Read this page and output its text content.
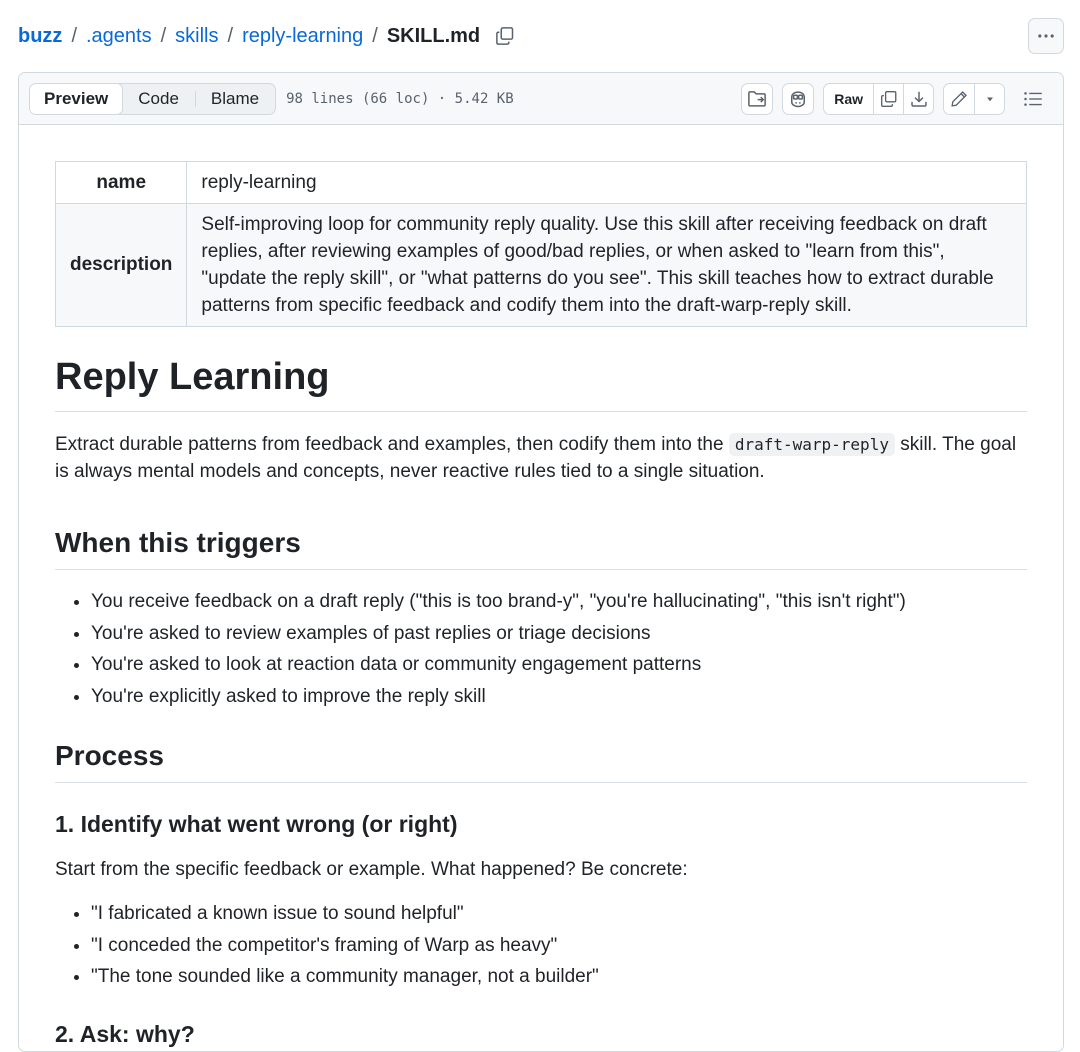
buzz / .agents / skills / reply-learning / SKILL.md
Preview	Code	Blame	98 lines (66 loc) · 5.42 KB	Raw
name	reply-learning
description	Self-improving loop for community reply quality. Use this skill after receiving feedback on draft replies, after reviewing examples of good/bad replies, or when asked to "learn from this", "update the reply skill", or "what patterns do you see". This skill teaches how to extract durable patterns from specific feedback and codify them into the draft-warp-reply skill.
Reply Learning

Extract durable patterns from feedback and examples, then codify them into the draft-warp-reply skill. The goal is always mental models and concepts, never reactive rules tied to a single situation.

When this triggers
• You receive feedback on a draft reply ("this is too brand-y", "you're hallucinating", "this isn't right")
• You're asked to review examples of past replies or triage decisions
• You're asked to look at reaction data or community engagement patterns
• You're explicitly asked to improve the reply skill
Process
1. Identify what went wrong (or right)

Start from the specific feedback or example. What happened? Be concrete:

• "I fabricated a known issue to sound helpful"
• "I conceded the competitor's framing of Warp as heavy"
• "The tone sounded like a community manager, not a builder"
2. Ask: why?
